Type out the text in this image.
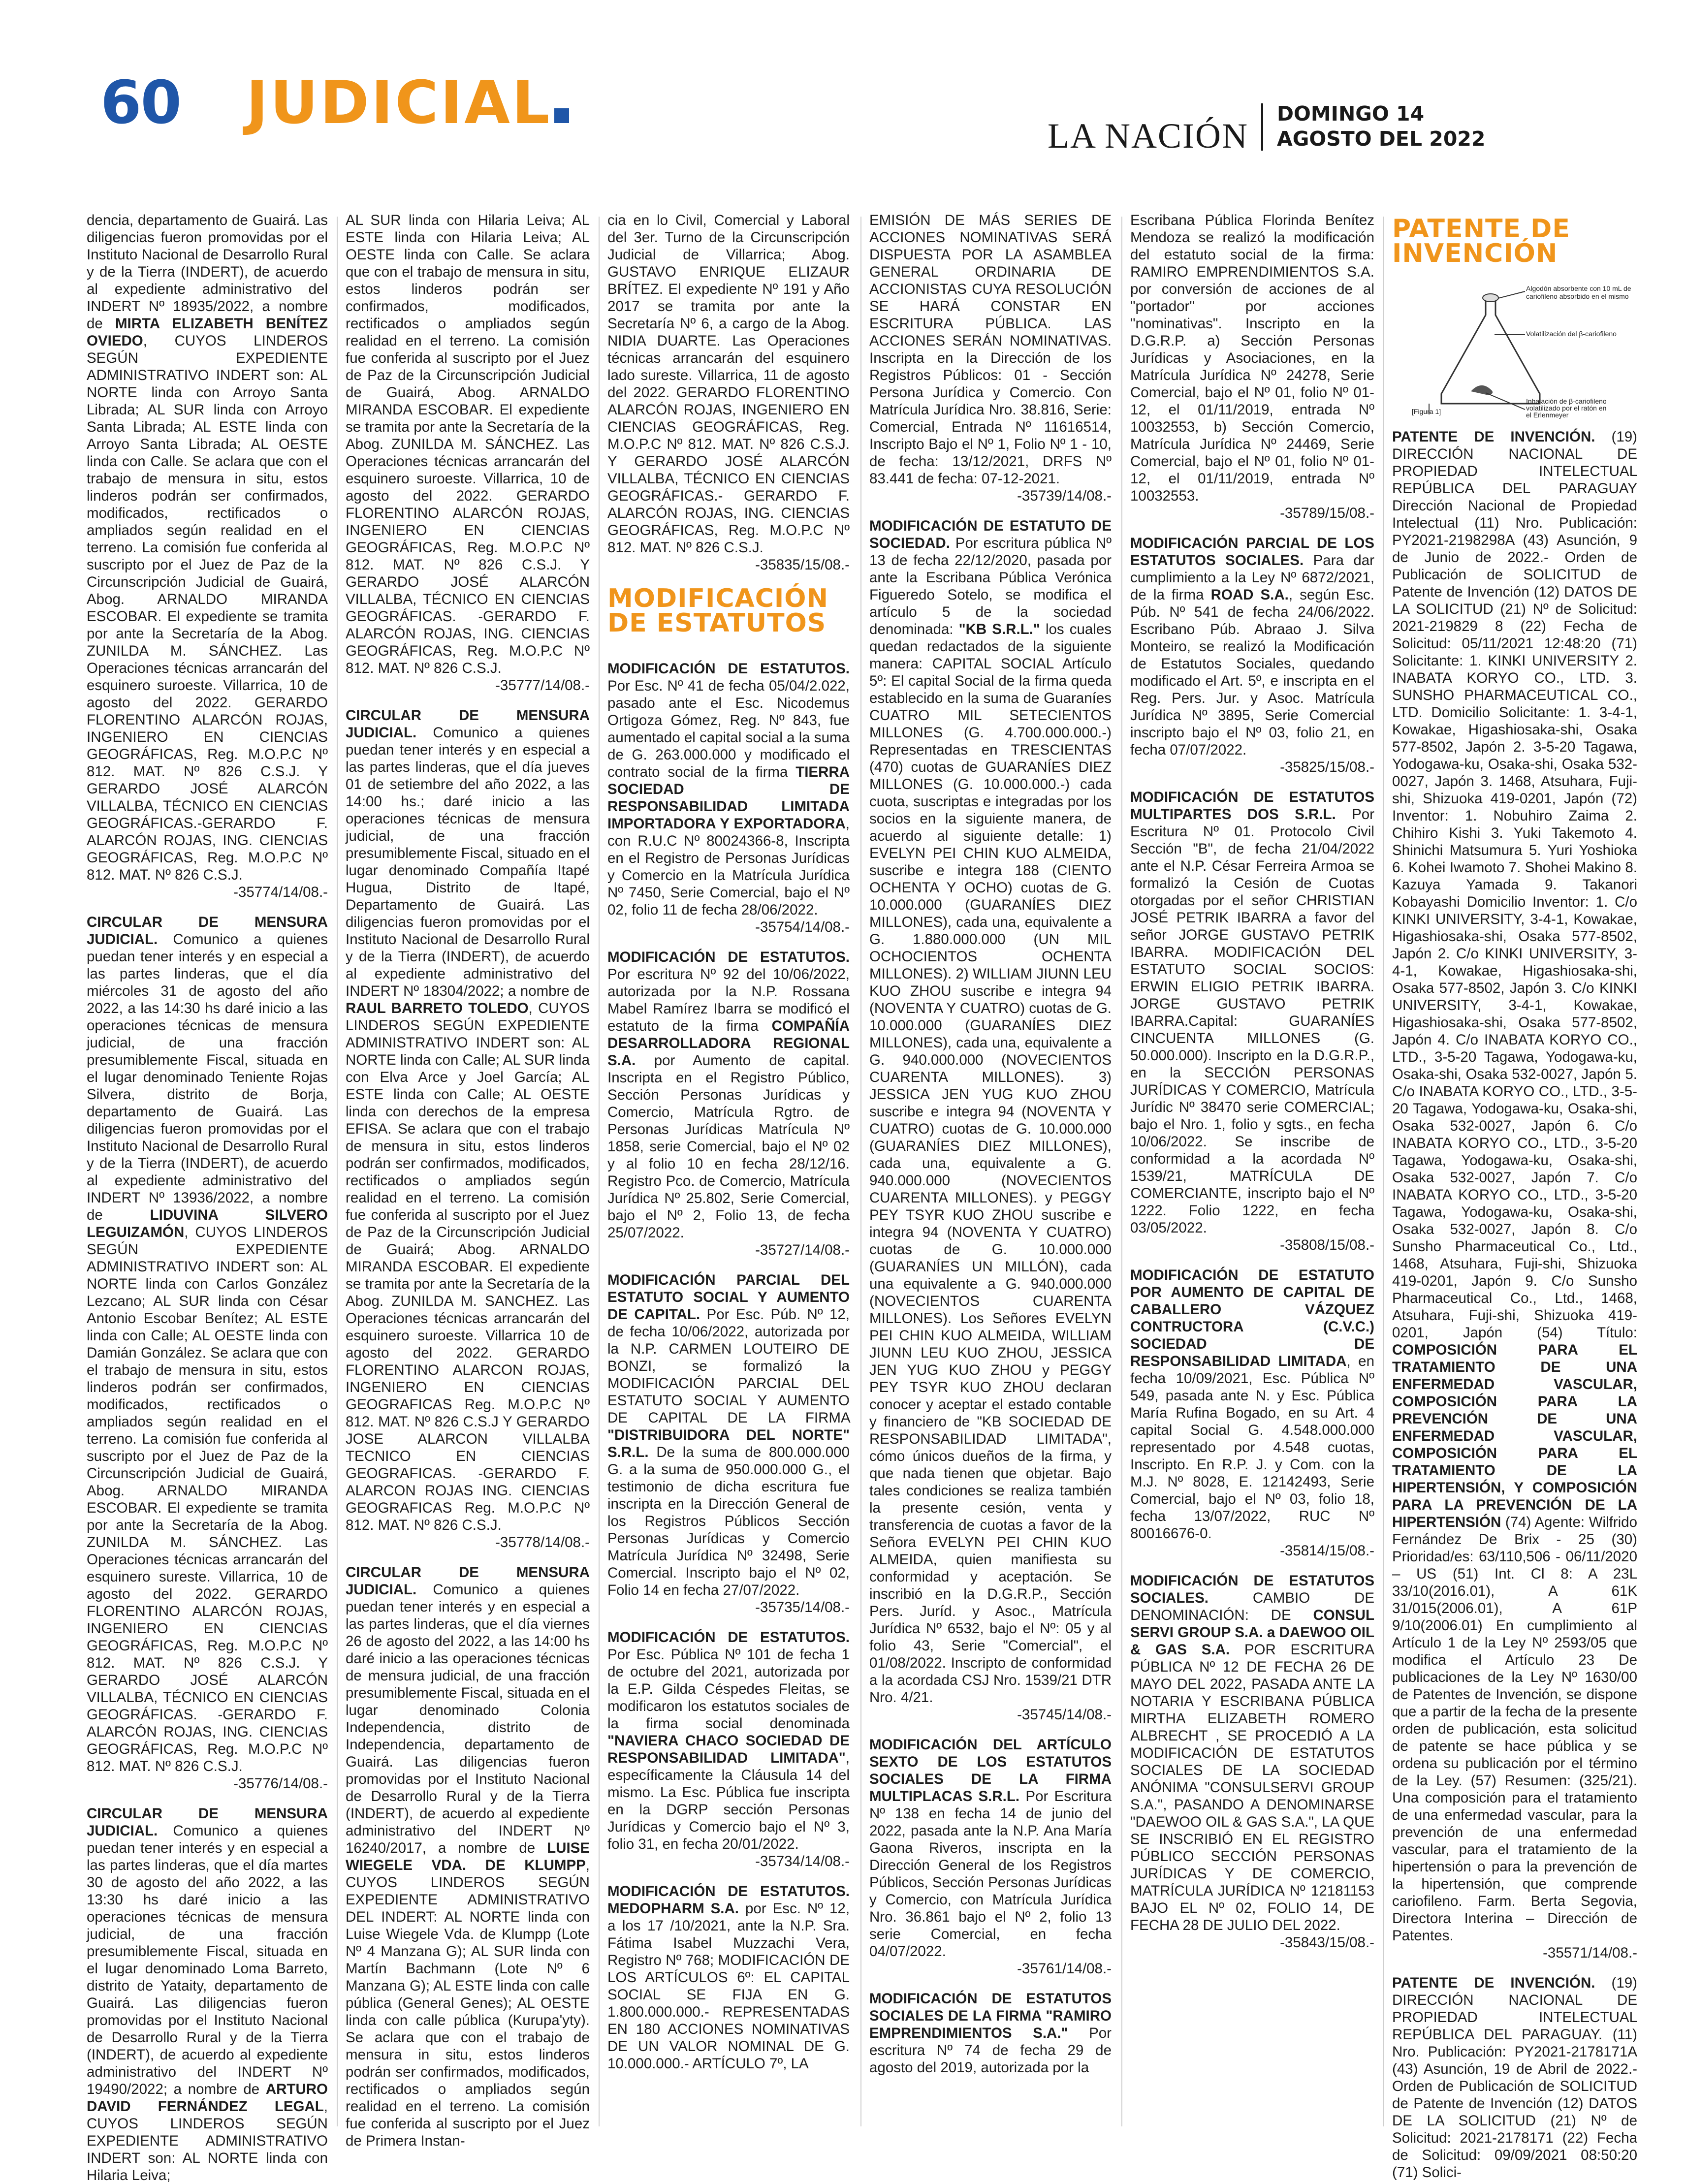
60 JUDICIAL	LA NACIÓN
DOMINGO 14
AGOSTO DEL 2022

dencia, departamento de Guairá. Las diligencias fueron promovidas por el Instituto Nacional de Desarrollo Rural y de la Tierra (INDERT), de acuerdo al expediente administrativo del INDERT Nº 18935/2022, a nombre de MIRTA ELIZABETH BENÍTEZ OVIEDO, CUYOS LINDEROS SEGÚN EXPEDIENTE ADMINISTRATIVO INDERT son: AL NORTE linda con Arroyo Santa Librada; AL SUR linda con Arroyo Santa Librada; AL ESTE linda con Arroyo Santa Librada; AL OESTE linda con Calle. Se aclara que con el trabajo de mensura in situ, estos linderos podrán ser confirmados, modificados, rectificados o ampliados según realidad en el terreno. La comisión fue conferida al suscripto por el Juez de Paz de la Circunscripción Judicial de Guairá, Abog. ARNALDO MIRANDA ESCOBAR. El expediente se tramita por ante la Secretaría de la Abog. ZUNILDA M. SÁNCHEZ. Las Operaciones técnicas arrancarán del esquinero suroeste. Villarrica, 10 de agosto del 2022. GERARDO FLORENTINO ALARCÓN ROJAS, INGENIERO EN CIENCIAS GEOGRÁFICAS, Reg. M.O.P.C Nº 812. MAT. Nº 826 C.S.J. Y GERARDO JOSÉ ALARCÓN VILLALBA, TÉCNICO EN CIENCIAS GEOGRÁFICAS.-GERARDO F. ALARCÓN ROJAS, ING. CIENCIAS GEOGRÁFICAS, Reg. M.O.P.C Nº 812. MAT. Nº 826 C.S.J.
-35774/14/08.-

CIRCULAR DE MENSURA JUDICIAL. Comunico a quienes puedan tener interés y en especial a las partes linderas, que el día miércoles 31 de agosto del año 2022, a las 14:30 hs daré inicio a las operaciones técnicas de mensura judicial, de una fracción presumiblemente Fiscal, situada en el lugar denominado Teniente Rojas Silvera, distrito de Borja, departamento de Guairá. Las diligencias fueron promovidas por el Instituto Nacional de Desarrollo Rural y de la Tierra (INDERT), de acuerdo al expediente administrativo del INDERT Nº 13936/2022, a nombre de	LIDUVINA SILVERO LEGUIZAMÓN, CUYOS LINDEROS SEGÚN EXPEDIENTE ADMINISTRATIVO INDERT son: AL NORTE linda con Carlos González Lezcano; AL SUR linda con César Antonio Escobar Benítez; AL ESTE linda con Calle; AL OESTE linda con Damián González. Se aclara que con el trabajo de mensura in situ, estos linderos podrán ser confirmados, modificados, rectificados o ampliados según realidad en el terreno. La comisión fue conferida al suscripto por el Juez de Paz de la Circunscripción Judicial de Guairá, Abog. ARNALDO MIRANDA ESCOBAR. El expediente se tramita por ante la Secretaría de la Abog. ZUNILDA M. SÁNCHEZ. Las Operaciones técnicas arrancarán del esquinero sureste. Villarrica, 10 de agosto del 2022. GERARDO FLORENTINO ALARCÓN ROJAS, INGENIERO EN CIENCIAS GEOGRÁFICAS, Reg. M.O.P.C Nº 812. MAT. Nº 826 C.S.J. Y GERARDO JOSÉ ALARCÓN VILLALBA, TÉCNICO EN CIENCIAS GEOGRÁFICAS. -GERARDO F. ALARCÓN ROJAS, ING. CIENCIAS GEOGRÁFICAS, Reg. M.O.P.C Nº 812. MAT. Nº 826 C.S.J.
-35776/14/08.-

CIRCULAR DE MENSURA JUDICIAL. Comunico a quienes puedan tener interés y en especial a las partes linderas, que el día martes 30 de agosto del año 2022, a las 13:30 hs daré inicio a las operaciones técnicas de mensura judicial, de una fracción presumiblemente Fiscal, situada en el lugar denominado Loma Barreto, distrito de Yataity, departamento de Guairá. Las diligencias fueron promovidas por el Instituto Nacional de Desarrollo Rural y de la Tierra (INDERT), de acuerdo al expediente administrativo del INDERT Nº 19490/2022; a nombre de ARTURO DAVID FERNÁNDEZ LEGAL, CUYOS LINDEROS SEGÚN EXPEDIENTE ADMINISTRATIVO INDERT son: AL NORTE linda con Hilaria Leiva;

AL SUR linda con Hilaria Leiva; AL ESTE linda con Hilaria Leiva; AL OESTE linda con Calle. Se aclara que con el trabajo de mensura in situ, estos linderos podrán ser confirmados, modificados, rectificados o ampliados según realidad en el terreno. La comisión fue conferida al suscripto por el Juez de Paz de la Circunscripción Judicial de Guairá, Abog. ARNALDO MIRANDA ESCOBAR. El expediente se tramita por ante la Secretaría de la Abog. ZUNILDA M. SÁNCHEZ. Las Operaciones técnicas arrancarán del esquinero suroeste. Villarrica, 10 de agosto del 2022. GERARDO FLORENTINO ALARCÓN ROJAS, INGENIERO EN CIENCIAS GEOGRÁFICAS, Reg. M.O.P.C Nº 812. MAT. Nº 826 C.S.J. Y GERARDO JOSÉ ALARCÓN VILLALBA, TÉCNICO EN CIENCIAS GEOGRÁFICAS. -GERARDO F. ALARCÓN ROJAS, ING. CIENCIAS GEOGRÁFICAS, Reg. M.O.P.C Nº 812. MAT. Nº 826 C.S.J.
-35777/14/08.-

CIRCULAR DE MENSURA JUDICIAL. Comunico a quienes puedan tener interés y en especial a las partes linderas, que el día jueves 01 de setiembre del año 2022, a las 14:00 hs.; daré inicio a las operaciones técnicas de mensura judicial, de una fracción presumiblemente Fiscal, situado en el lugar denominado Compañía Itapé Hugua, Distrito de Itapé, Departamento de Guairá. Las diligencias fueron promovidas por el Instituto Nacional de Desarrollo Rural y de la Tierra (INDERT), de acuerdo al expediente administrativo del INDERT Nº 18304/2022; a nombre de RAUL BARRETO TOLEDO, CUYOS LINDEROS SEGÚN EXPEDIENTE ADMINISTRATIVO INDERT son: AL NORTE linda con Calle; AL SUR linda con Elva Arce y Joel García; AL ESTE linda con Calle; AL OESTE linda con derechos de la empresa EFISA. Se aclara que con el trabajo de mensura in situ, estos linderos podrán ser confirmados, modificados, rectificados o ampliados según realidad en el terreno. La comisión fue conferida al suscripto por el Juez de Paz de la Circunscripción Judicial de Guairá; Abog. ARNALDO MIRANDA ESCOBAR. El expediente se tramita por ante la Secretaría de la Abog. ZUNILDA M. SANCHEZ. Las Operaciones técnicas arrancarán del esquinero suroeste. Villarrica 10 de agosto del 2022. GERARDO FLORENTINO ALARCON ROJAS, INGENIERO EN CIENCIAS GEOGRAFICAS Reg. M.O.P.C Nº 812. MAT. Nº 826 C.S.J Y GERARDO JOSE ALARCON VILLALBA TECNICO EN CIENCIAS GEOGRAFICAS. -GERARDO F. ALARCON ROJAS ING. CIENCIAS GEOGRAFICAS Reg. M.O.P.C Nº 812. MAT. Nº 826 C.S.J.
-35778/14/08.-

CIRCULAR DE MENSURA JUDICIAL. Comunico a quienes puedan tener interés y en especial a las partes linderas, que el día viernes 26 de agosto del 2022, a las 14:00 hs daré inicio a las operaciones técnicas de mensura judicial, de una fracción presumiblemente Fiscal, situada en el lugar denominado Colonia Independencia, distrito de Independencia, departamento de Guairá. Las diligencias fueron promovidas por el Instituto Nacional de Desarrollo Rural y de la Tierra (INDERT), de acuerdo al expediente administrativo del INDERT Nº 16240/2017, a nombre de LUISE WIEGELE VDA. DE KLUMPP, CUYOS LINDEROS SEGÚN EXPEDIENTE ADMINISTRATIVO DEL INDERT: AL NORTE linda con Luise Wiegele Vda. de Klumpp (Lote Nº 4 Manzana G); AL SUR linda con Martín Bachmann (Lote Nº 6 Manzana G); AL ESTE linda con calle pública (General Genes); AL OESTE linda con calle pública (Kurupa'yty). Se aclara que con el trabajo de mensura in situ, estos linderos podrán ser confirmados, modificados, rectificados o ampliados según realidad en el terreno. La comisión fue conferida al suscripto por el Juez de Primera Instan-

cia en lo Civil, Comercial y Laboral del 3er. Turno de la Circunscripción Judicial de Villarrica; Abog. GUSTAVO ENRIQUE ELIZAUR BRÍTEZ. El expediente Nº 191 y Año 2017 se tramita por ante la Secretaría Nº 6, a cargo de la Abog. NIDIA DUARTE. Las Operaciones técnicas arrancarán del esquinero lado sureste. Villarrica, 11 de agosto del 2022. GERARDO FLORENTINO ALARCÓN ROJAS, INGENIERO EN CIENCIAS GEOGRÁFICAS, Reg. M.O.P.C Nº 812. MAT. Nº 826 C.S.J. Y GERARDO JOSÉ ALARCÓN VILLALBA, TÉCNICO EN CIENCIAS GEOGRÁFICAS.- GERARDO F. ALARCÓN ROJAS, ING. CIENCIAS GEOGRÁFICAS, Reg. M.O.P.C Nº 812. MAT. Nº 826 C.S.J.
-35835/15/08.-

MODIFICACIÓN DE ESTATUTOS

MODIFICACIÓN DE ESTATUTOS. Por Esc. Nº 41 de fecha 05/04/2.022, pasado ante el Esc. Nicodemus Ortigoza Gómez, Reg. Nº 843, fue aumentado el capital social a la suma de G. 263.000.000 y modificado el contrato social de la firma TIERRA SOCIEDAD DE RESPONSABILIDAD LIMITADA IMPORTADORA Y EXPORTADORA, con R.U.C Nº 80024366-8, Inscripta en el Registro de Personas Jurídicas y Comercio en la Matrícula Jurídica Nº 7450, Serie Comercial, bajo el Nº 02, folio 11 de fecha 28/06/2022.
-35754/14/08.-

MODIFICACIÓN DE ESTATUTOS. Por escritura Nº 92 del 10/06/2022, autorizada por la N.P. Rossana Mabel Ramírez Ibarra se modificó el estatuto de la firma COMPAÑÍA DESARROLLADORA REGIONAL S.A. por Aumento de capital. Inscripta en el Registro Público, Sección Personas Jurídicas y Comercio, Matrícula Rgtro. de Personas Jurídicas Matrícula Nº 1858, serie Comercial, bajo el Nº 02 y al folio 10 en fecha 28/12/16. Registro Pco. de Comercio, Matrícula Jurídica Nº 25.802, Serie Comercial, bajo el Nº 2, Folio 13, de fecha 25/07/2022.
-35727/14/08.-

MODIFICACIÓN PARCIAL DEL ESTATUTO SOCIAL Y AUMENTO DE CAPITAL. Por Esc. Púb. Nº 12, de fecha 10/06/2022, autorizada por la N.P. CARMEN LOUTEIRO DE BONZI, se formalizó la MODIFICACIÓN PARCIAL DEL ESTATUTO SOCIAL Y AUMENTO DE CAPITAL DE LA FIRMA "DISTRIBUIDORA DEL NORTE" S.R.L. De la suma de 800.000.000 G. a la suma de 950.000.000 G., el testimonio de dicha escritura fue inscripta en la Dirección General de los Registros Públicos Sección Personas Jurídicas y Comercio Matrícula Jurídica Nº 32498, Serie Comercial. Inscripto bajo el Nº 02, Folio 14 en fecha 27/07/2022.
-35735/14/08.-

MODIFICACIÓN DE ESTATUTOS. Por Esc. Pública Nº 101 de fecha 1 de octubre del 2021, autorizada por la E.P. Gilda Céspedes Fleitas, se modificaron los estatutos sociales de la firma social denominada "NAVIERA CHACO SOCIEDAD DE RESPONSABILIDAD LIMITADA", específicamente la Cláusula 14 del mismo. La Esc. Pública fue inscripta en la DGRP sección Personas Jurídicas y Comercio bajo el Nº 3, folio 31, en fecha 20/01/2022.
-35734/14/08.-

MODIFICACIÓN DE ESTATUTOS. MEDOPHARM S.A. por Esc. Nº 12, a los 17 /10/2021, ante la N.P. Sra. Fátima Isabel Muzzachi Vera, Registro Nº 768; MODIFICACIÓN DE LOS ARTÍCULOS 6º: EL CAPITAL SOCIAL SE FIJA EN G. 1.800.000.000.- REPRESENTADAS EN 180 ACCIONES NOMINATIVAS DE UN VALOR NOMINAL DE G. 10.000.000.- ARTÍCULO 7º, LA

EMISIÓN DE MÁS SERIES DE ACCIONES NOMINATIVAS SERÁ DISPUESTA POR LA ASAMBLEA GENERAL ORDINARIA DE ACCIONISTAS CUYA RESOLUCIÓN SE HARÁ CONSTAR EN ESCRITURA PÚBLICA. LAS ACCIONES SERÁN NOMINATIVAS. Inscripta en la Dirección de los Registros Públicos: 01 - Sección Persona Jurídica y Comercio. Con Matrícula Jurídica Nro. 38.816, Serie: Comercial, Entrada Nº 11616514, Inscripto Bajo el Nº 1, Folio Nº 1 - 10, de fecha: 13/12/2021, DRFS Nº 83.441 de fecha: 07-12-2021.
-35739/14/08.-

MODIFICACIÓN DE ESTATUTO DE SOCIEDAD. Por escritura pública Nº 13 de fecha 22/12/2020, pasada por ante la Escribana Pública Verónica Figueredo Sotelo, se modifica el artículo 5 de la sociedad denominada: "KB S.R.L." los cuales quedan redactados de la siguiente manera: CAPITAL SOCIAL Artículo 5º: El capital Social de la firma queda establecido en la suma de Guaraníes CUATRO MIL SETECIENTOS MILLONES (G. 4.700.000.000.-) Representadas en TRESCIENTAS (470) cuotas de GUARANÍES DIEZ MILLONES (G. 10.000.000.-) cada cuota, suscriptas e integradas por los socios en la siguiente manera, de acuerdo al siguiente detalle: 1) EVELYN PEI CHIN KUO ALMEIDA, suscribe e integra 188 (CIENTO OCHENTA Y OCHO) cuotas de G. 10.000.000 (GUARANÍES DIEZ MILLONES), cada una, equivalente a G. 1.880.000.000 (UN MIL OCHOCIENTOS OCHENTA MILLONES). 2) WILLIAM JIUNN LEU KUO ZHOU suscribe e integra 94 (NOVENTA Y CUATRO) cuotas de G. 10.000.000 (GUARANÍES DIEZ MILLONES), cada una, equivalente a G. 940.000.000 (NOVECIENTOS CUARENTA MILLONES). 3) JESSICA JEN YUG KUO ZHOU suscribe e integra 94 (NOVENTA Y CUATRO) cuotas de G. 10.000.000 (GUARANÍES DIEZ MILLONES), cada una, equivalente a G. 940.000.000 (NOVECIENTOS CUARENTA MILLONES). y PEGGY PEY TSYR KUO ZHOU suscribe e integra 94 (NOVENTA Y CUATRO) cuotas de G. 10.000.000 (GUARANÍES UN MILLÓN), cada una equivalente a G. 940.000.000 (NOVECIENTOS CUARENTA MILLONES). Los Señores EVELYN PEI CHIN KUO ALMEIDA, WILLIAM JIUNN LEU KUO ZHOU, JESSICA JEN YUG KUO ZHOU y PEGGY PEY TSYR KUO ZHOU declaran conocer y aceptar el estado contable y financiero de "KB SOCIEDAD DE RESPONSABILIDAD LIMITADA", cómo únicos dueños de la firma, y que nada tienen que objetar. Bajo tales condiciones se realiza también la presente cesión, venta y transferencia de cuotas a favor de la Señora EVELYN PEI CHIN KUO ALMEIDA, quien manifiesta su conformidad y aceptación. Se inscribió en la D.G.R.P., Sección Pers. Juríd. y Asoc., Matrícula Jurídica Nº 6532, bajo el Nº: 05 y al folio 43, Serie "Comercial", el 01/08/2022. Inscripto de conformidad a la acordada CSJ Nro. 1539/21 DTR Nro. 4/21.
-35745/14/08.-

MODIFICACIÓN DEL ARTÍCULO SEXTO DE LOS ESTATUTOS SOCIALES DE LA FIRMA MULTIPLACAS S.R.L. Por Escritura Nº 138 en fecha 14 de junio del 2022, pasada ante la N.P. Ana María Gaona Riveros, inscripta en la Dirección General de los Registros Públicos, Sección Personas Jurídicas y Comercio, con Matrícula Jurídica Nro. 36.861 bajo el Nº 2, folio 13 serie Comercial, en fecha 04/07/2022.
-35761/14/08.-

MODIFICACIÓN DE ESTATUTOS SOCIALES DE LA FIRMA "RAMIRO EMPRENDIMIENTOS S.A." Por escritura Nº 74 de fecha 29 de agosto del 2019, autorizada por la

Escribana Pública Florinda Benítez Mendoza se realizó la modificación del estatuto social de la firma: RAMIRO EMPRENDIMIENTOS S.A. por conversión de acciones de al "portador" por acciones "nominativas". Inscripto en la D.G.R.P. a) Sección Personas Jurídicas y Asociaciones, en la Matrícula Jurídica Nº 24278, Serie Comercial, bajo el Nº 01, folio Nº 01-12, el 01/11/2019, entrada Nº 10032553, b) Sección Comercio, Matrícula Jurídica Nº 24469, Serie Comercial, bajo el Nº 01, folio Nº 01-12, el 01/11/2019, entrada Nº 10032553.
-35789/15/08.-

MODIFICACIÓN PARCIAL DE LOS ESTATUTOS SOCIALES. Para dar cumplimiento a la Ley Nº 6872/2021, de la firma ROAD S.A., según Esc. Púb. Nº 541 de fecha 24/06/2022. Escribano Púb. Abraao J. Silva Monteiro, se realizó la Modificación de Estatutos Sociales, quedando modificado el Art. 5º, e inscripta en el Reg. Pers. Jur. y Asoc. Matrícula Jurídica Nº 3895, Serie Comercial inscripto bajo el Nº 03, folio 21, en fecha 07/07/2022.
-35825/15/08.-

MODIFICACIÓN DE ESTATUTOS MULTIPARTES DOS S.R.L. Por Escritura Nº 01. Protocolo Civil Sección "B", de fecha 21/04/2022 ante el N.P. César Ferreira Armoa se formalizó la Cesión de Cuotas otorgadas por el señor CHRISTIAN JOSÉ PETRIK IBARRA a favor del señor JORGE GUSTAVO PETRIK IBARRA. MODIFICACIÓN DEL ESTATUTO SOCIAL SOCIOS: ERWIN ELIGIO PETRIK IBARRA. JORGE GUSTAVO PETRIK IBARRA.Capital: GUARANÍES CINCUENTA MILLONES (G. 50.000.000). Inscripto en la D.G.R.P., en la SECCIÓN PERSONAS JURÍDICAS Y COMERCIO, Matrícula Jurídic Nº 38470 serie COMERCIAL; bajo el Nro. 1, folio y sgts., en fecha 10/06/2022. Se inscribe de conformidad a la acordada Nº 1539/21, MATRÍCULA DE COMERCIANTE, inscripto bajo el Nº 1222. Folio 1222, en fecha 03/05/2022.
-35808/15/08.-

MODIFICACIÓN DE ESTATUTO POR AUMENTO DE CAPITAL DE CABALLERO VÁZQUEZ CONTRUCTORA (C.V.C.) SOCIEDAD DE RESPONSABILIDAD LIMITADA, en fecha 10/09/2021, Esc. Pública Nº 549, pasada ante N. y Esc. Pública María Rufina Bogado, en su Art. 4 capital Social G. 4.548.000.000 representado por 4.548 cuotas, Inscripto. En R.P. J. y Com. con la M.J. Nº 8028, E. 12142493, Serie Comercial, bajo el Nº 03, folio 18, fecha 13/07/2022, RUC Nº 80016676-0.
-35814/15/08.-

MODIFICACIÓN DE ESTATUTOS SOCIALES.	CAMBIO DE DENOMINACIÓN: DE CONSUL SERVI GROUP S.A. a DAEWOO OIL & GAS S.A. POR ESCRITURA PÚBLICA Nº 12 DE FECHA 26 DE MAYO DEL 2022, PASADA ANTE LA NOTARIA Y ESCRIBANA PÚBLICA MIRTHA ELIZABETH ROMERO ALBRECHT , SE PROCEDIÓ A LA MODIFICACIÓN DE ESTATUTOS SOCIALES DE LA SOCIEDAD ANÓNIMA "CONSULSERVI GROUP S.A.", PASANDO A DENOMINARSE "DAEWOO OIL & GAS S.A.", LA QUE SE INSCRIBIÓ EN EL REGISTRO PÚBLICO SECCIÓN PERSONAS JURÍDICAS Y DE COMERCIO, MATRÍCULA JURÍDICA Nº 12181153 BAJO EL Nº 02, FOLIO 14, DE FECHA 28 DE JULIO DEL 2022.
-35843/15/08.-

PATENTE DE INVENCIÓN
Algodón absorbente con 10 mL de
cariofileno absorbido en el mismo
Volatilización del β-cariofileno
[Figura 1]
Inhalación de β-cariofileno
volatilizado por el ratón en
el Erlenmeyer

PATENTE DE INVENCIÓN. (19) DIRECCIÓN NACIONAL DE PROPIEDAD INTELECTUAL REPÚBLICA DEL PARAGUAY Dirección Nacional de Propiedad Intelectual (11) Nro. Publicación: PY2021-2198298A (43) Asunción, 9 de Junio de 2022.- Orden de Publicación de SOLICITUD de Patente de Invención (12) DATOS DE LA SOLICITUD (21) Nº de Solicitud: 2021-219829 8 (22) Fecha de Solicitud: 05/11/2021 12:48:20 (71) Solicitante: 1. KINKI UNIVERSITY 2. INABATA KORYO CO., LTD. 3. SUNSHO PHARMACEUTICAL CO., LTD. Domicilio Solicitante: 1. 3-4-1, Kowakae, Higashiosaka-shi, Osaka 577-8502, Japón 2. 3-5-20 Tagawa, Yodogawa-ku, Osaka-shi, Osaka 532-0027, Japón 3. 1468, Atsuhara, Fuji-shi, Shizuoka 419-0201, Japón (72) Inventor: 1. Nobuhiro Zaima 2. Chihiro Kishi 3. Yuki Takemoto 4. Shinichi Matsumura 5. Yuri Yoshioka 6. Kohei Iwamoto 7. Shohei Makino 8. Kazuya Yamada 9. Takanori Kobayashi Domicilio Inventor: 1. C/o KINKI UNIVERSITY, 3-4-1, Kowakae, Higashiosaka-shi, Osaka 577-8502, Japón 2. C/o KINKI UNIVERSITY, 3-4-1, Kowakae, Higashiosaka-shi, Osaka 577-8502, Japón 3. C/o KINKI UNIVERSITY, 3-4-1, Kowakae, Higashiosaka-shi, Osaka 577-8502, Japón 4. C/o INABATA KORYO CO., LTD., 3-5-20 Tagawa, Yodogawa-ku, Osaka-shi, Osaka 532-0027, Japón 5. C/o INABATA KORYO CO., LTD., 3-5-20 Tagawa, Yodogawa-ku, Osaka-shi, Osaka 532-0027, Japón 6. C/o INABATA KORYO CO., LTD., 3-5-20 Tagawa, Yodogawa-ku, Osaka-shi, Osaka 532-0027, Japón 7. C/o INABATA KORYO CO., LTD., 3-5-20 Tagawa, Yodogawa-ku, Osaka-shi, Osaka 532-0027, Japón 8. C/o Sunsho Pharmaceutical Co., Ltd., 1468, Atsuhara, Fuji-shi, Shizuoka 419-0201, Japón 9. C/o Sunsho Pharmaceutical Co., Ltd., 1468, Atsuhara, Fuji-shi, Shizuoka 419-0201, Japón (54) Título: COMPOSICIÓN PARA EL TRATAMIENTO DE UNA ENFERMEDAD VASCULAR, COMPOSICIÓN PARA LA PREVENCIÓN DE UNA ENFERMEDAD VASCULAR, COMPOSICIÓN PARA EL TRATAMIENTO DE LA HIPERTENSIÓN, Y COMPOSICIÓN PARA LA PREVENCIÓN DE LA HIPERTENSIÓN (74) Agente: Wilfrido Fernández De Brix - 25 (30) Prioridad/es: 63/110,506 - 06/11/2020 – US (51) Int. Cl 8: A 23L 33/10(2016.01), A 61K 31/015(2006.01), A 61P 9/10(2006.01) En cumplimiento al Artículo 1 de la Ley Nº 2593/05 que modifica el Artículo 23 De publicaciones de la Ley Nº 1630/00 de Patentes de Invención, se dispone que a partir de la fecha de la presente orden de publicación, esta solicitud de patente se hace pública y se ordena su publicación por el término de la Ley. (57) Resumen: (325/21). Una composición para el tratamiento de una enfermedad vascular, para la prevención de una enfermedad vascular, para el tratamiento de la hipertensión o para la prevención de la hipertensión, que comprende cariofileno. Farm. Berta Segovia, Directora Interina – Dirección de Patentes.
-35571/14/08.-

PATENTE DE INVENCIÓN. (19) DIRECCIÓN NACIONAL DE PROPIEDAD INTELECTUAL REPÚBLICA DEL PARAGUAY. (11) Nro. Publicación: PY2021-2178171A (43) Asunción, 19 de Abril de 2022.- Orden de Publicación de SOLICITUD de Patente de Invención (12) DATOS DE LA SOLICITUD (21) Nº de Solicitud: 2021-2178171 (22) Fecha de Solicitud: 09/09/2021 08:50:20 (71) Solici-
